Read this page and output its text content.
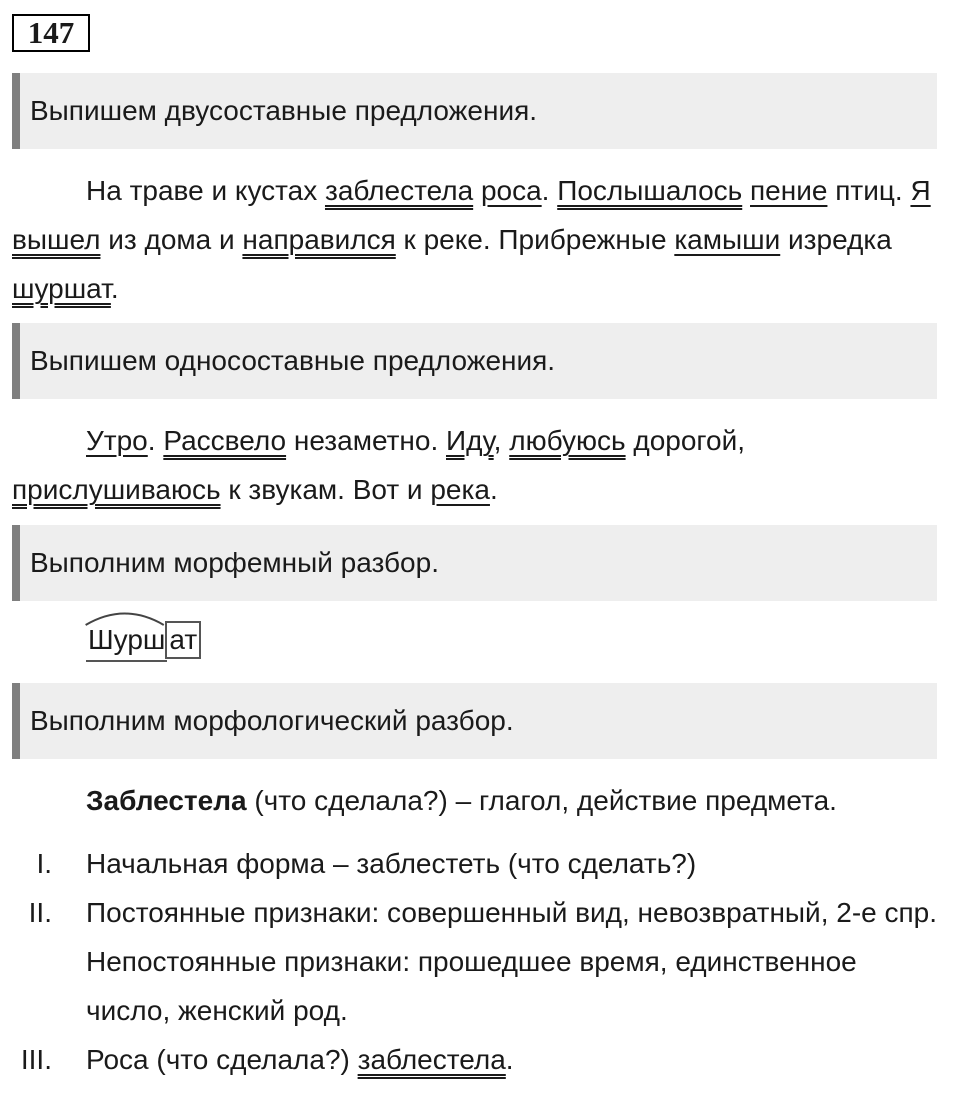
147
Выпишем двусоставные предложения.

На траве и кустах заблестела роса. Послышалось пение птиц. Я вышел из дома и направился к реке. Прибрежные камыши изредка шуршат.

Выпишем односоставные предложения.

Утро. Рассвело незаметно. Иду, любуюсь дорогой, прислушиваюсь к звукам. Вот и река.

Выполним морфемный разбор.
Шурш ат
Выполним морфологический разбор.

Заблестела (что сделала?) – глагол, действие предмета.

I. Начальная форма – заблестеть (что сделать?)
II. Постоянные признаки: совершенный вид, невозвратный, 2-е спр. Непостоянные признаки: прошедшее время, единственное число, женский род.
III. Роса (что сделала?) заблестела.
